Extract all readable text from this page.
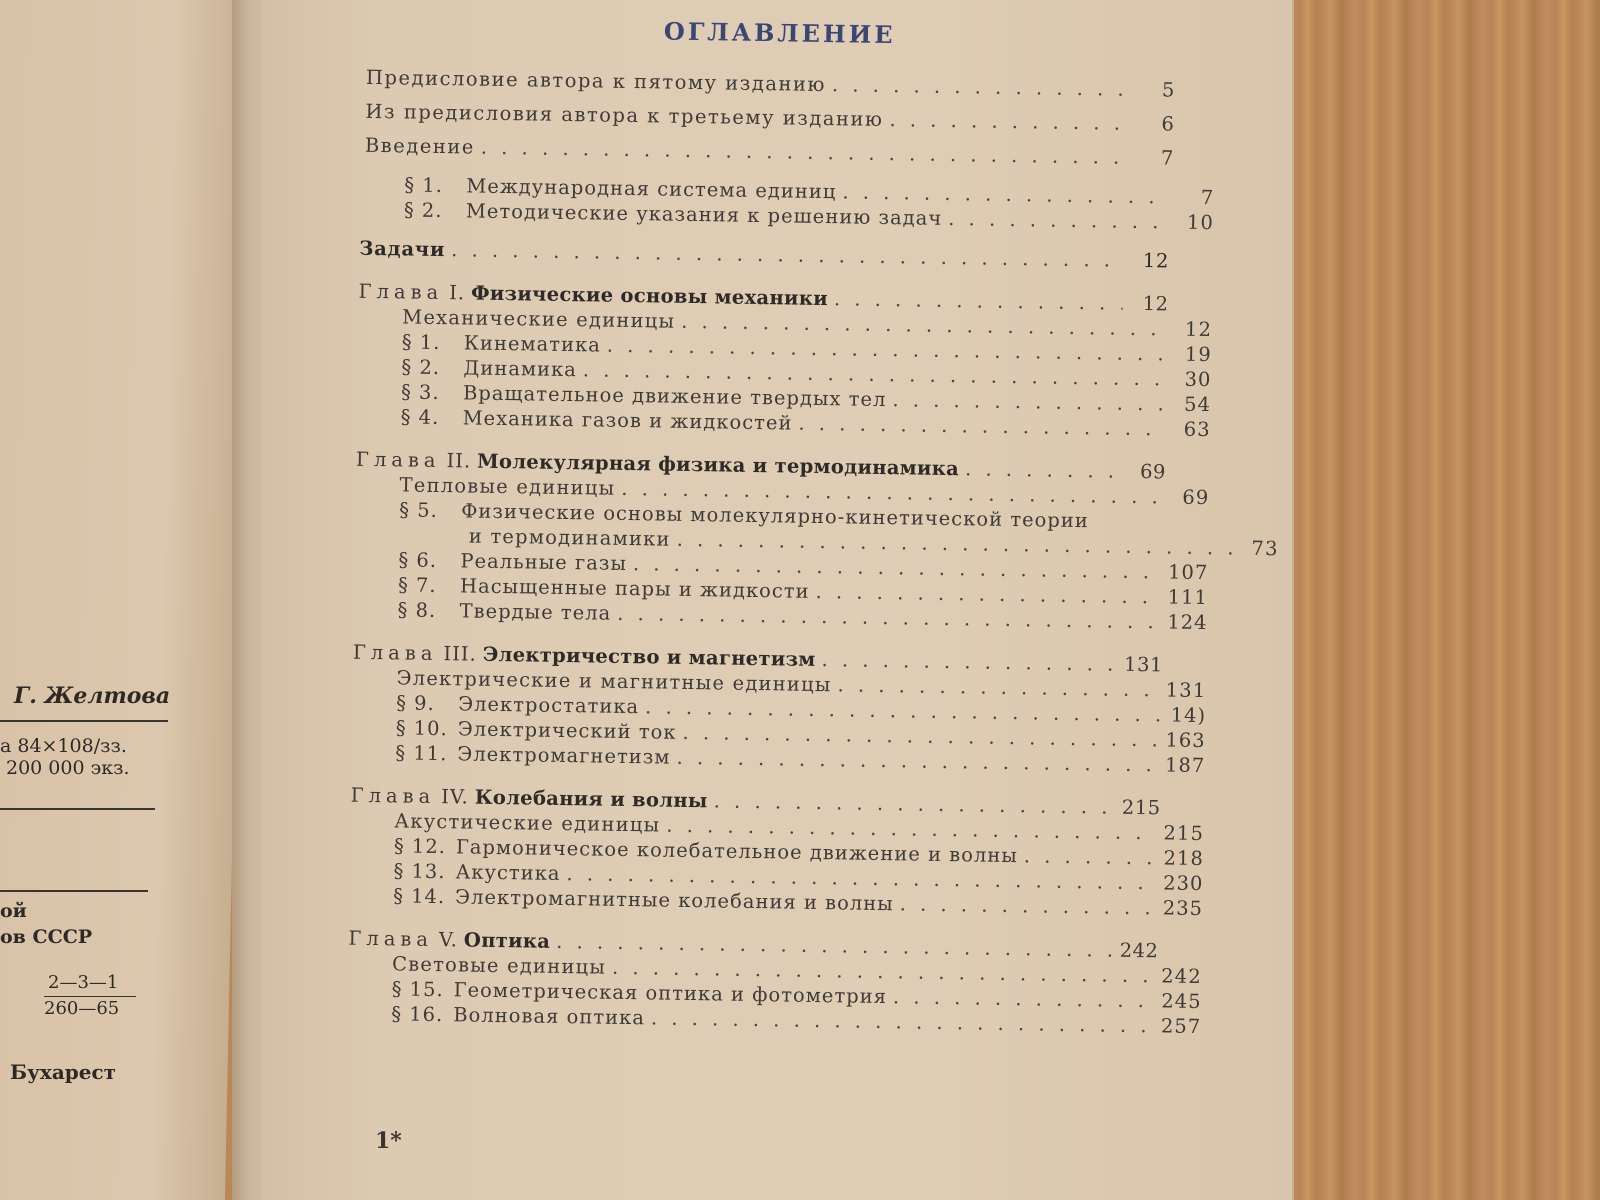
Г. Желтова
а 84×108/зз.
200 000 экз.
ой
ов СССР
2—3—1
260—65
Бухарест
ОГЛАВЛЕНИЕ
Предисловие автора к пятому изданию . . .	5
Из предисловия автора к третьему изданию . . .	6
Введение . . .	7
§ 1. Международная система единиц . . .	7
§ 2. Методические указания к решению задач . . .	10
Задачи . . .	12
Глава I. Физические основы механики . . .	12
Механические единицы . . .	12
§ 1. Кинематика . . .	19
§ 2. Динамика . . .	30
§ 3. Вращательное движение твердых тел . . .	54
§ 4. Механика газов и жидкостей . . .	63
Глава II. Молекулярная физика и термодинамика . . .	69
Тепловые единицы . . .	69
§ 5. Физические основы молекулярно-кинетической теории
и термодинамики . . .	73
§ 6. Реальные газы . . .	107
§ 7. Насыщенные пары и жидкости . . .	111
§ 8. Твердые тела . . .	124
Глава III. Электричество и магнетизм . . .	131
Электрические и магнитные единицы . . .	131
§ 9. Электростатика . . .	14)
§ 10. Электрический ток . . .	163
§ 11. Электромагнетизм . . .	187
Глава IV. Колебания и волны . . .	215
Акустические единицы . . .	215
§ 12. Гармоническое колебательное движение и волны . . .	218
§ 13. Акустика . . .	230
§ 14. Электромагнитные колебания и волны . . .	235
Глава V. Оптика . . .	242
Световые единицы . . .	242
§ 15. Геометрическая оптика и фотометрия . . .	245
§ 16. Волновая оптика . . .	257
1*
